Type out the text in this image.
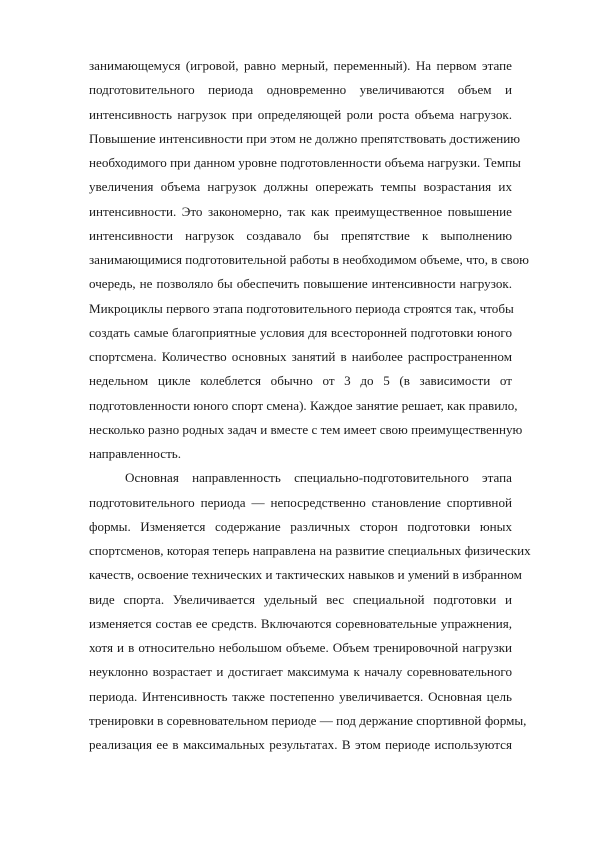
занимающемуся (игровой, равно мерный, переменный). На первом этапе
подготовительного периода одновременно увеличиваются объем и
интенсивность нагрузок при определяющей роли роста объема нагрузок.
Повышение интенсивности при этом не должно препятствовать достижению
необходимого при данном уровне подготовленности объема нагрузки. Темпы
увеличения объема нагрузок должны опережать темпы возрастания их
интенсивности. Это закономерно, так как преимущественное повышение
интенсивности нагрузок создавало бы препятствие к выполнению
занимающимися подготовительной работы в необходимом объеме, что, в свою
очередь, не позволяло бы обеспечить повышение интенсивности нагрузок.
Микроциклы первого этапа подготовительного периода строятся так, чтобы
создать самые благоприятные условия для всесторонней подготовки юного
спортсмена. Количество основных занятий в наиболее распространенном
недельном цикле колеблется обычно от 3 до 5 (в зависимости от
подготовленности юного спорт смена). Каждое занятие решает, как правило,
несколько разно родных задач и вместе с тем имеет свою преимущественную
направленность.
Основная направленность специально-подготовительного этапа
подготовительного периода — непосредственно становление спортивной
формы. Изменяется содержание различных сторон подготовки юных
спортсменов, которая теперь направлена на развитие специальных физических
качеств, освоение технических и тактических навыков и умений в избранном
виде спорта. Увеличивается удельный вес специальной подготовки и
изменяется состав ее средств. Включаются соревновательные упражнения,
хотя и в относительно небольшом объеме. Объем тренировочной нагрузки
неуклонно возрастает и достигает максимума к началу соревновательного
периода. Интенсивность также постепенно увеличивается. Основная цель
тренировки в соревновательном периоде — под держание спортивной формы,
реализация ее в максимальных результатах. В этом периоде используются
